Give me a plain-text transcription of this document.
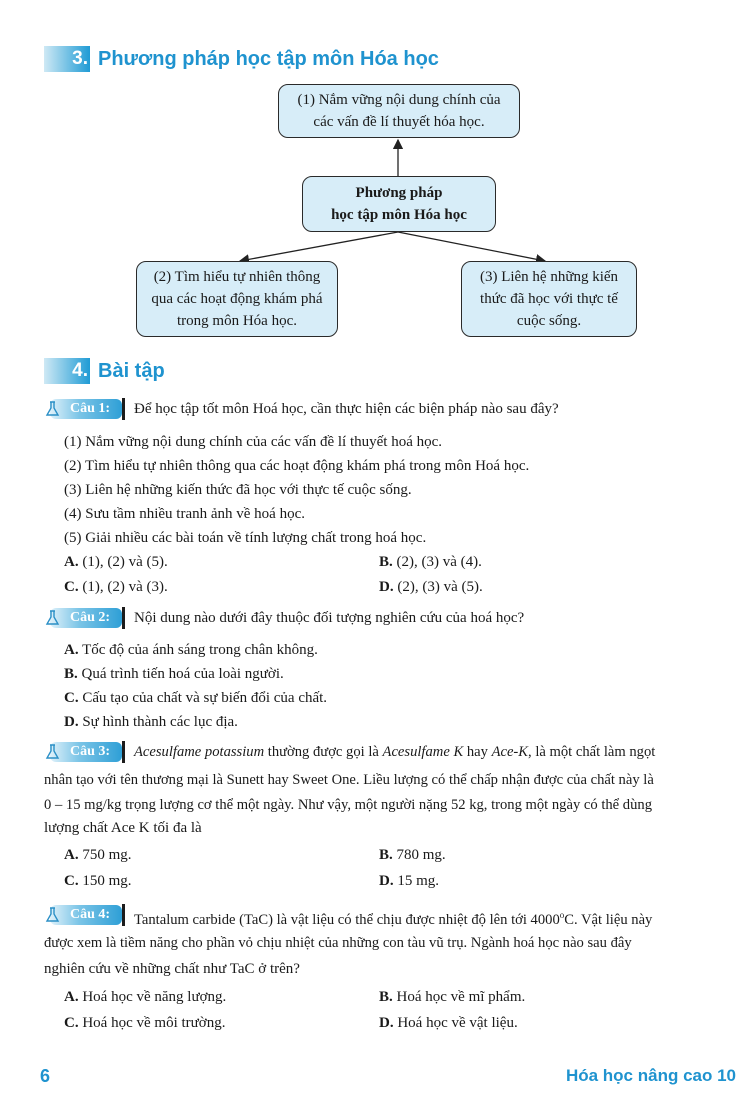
3. Phương pháp học tập môn Hóa học
(1) Nắm vững nội dung chính của
các vấn đề lí thuyết hóa học.
Phương pháp
học tập môn Hóa học
(2) Tìm hiểu tự nhiên thông
qua các hoạt động khám phá
trong môn Hóa học.
(3) Liên hệ những kiến
thức đã học với thực tế
cuộc sống.
4. Bài tập
Câu 1: Để học tập tốt môn Hoá học, cần thực hiện các biện pháp nào sau đây?
(1) Nắm vững nội dung chính của các vấn đề lí thuyết hoá học.
(2) Tìm hiểu tự nhiên thông qua các hoạt động khám phá trong môn Hoá học.
(3) Liên hệ những kiến thức đã học với thực tế cuộc sống.
(4) Sưu tầm nhiều tranh ảnh về hoá học.
(5) Giải nhiều các bài toán về tính lượng chất trong hoá học.
A. (1), (2) và (5).	B. (2), (3) và (4).
C. (1), (2) và (3).	D. (2), (3) và (5).
Câu 2: Nội dung nào dưới đây thuộc đối tượng nghiên cứu của hoá học?
A. Tốc độ của ánh sáng trong chân không.
B. Quá trình tiến hoá của loài người.
C. Cấu tạo của chất và sự biến đổi của chất.
D. Sự hình thành các lục địa.
Câu 3: Acesulfame potassium thường được gọi là Acesulfame K hay Ace-K, là một chất làm ngọt
nhân tạo với tên thương mại là Sunett hay Sweet One. Liều lượng có thể chấp nhận được của chất này là
0 – 15 mg/kg trọng lượng cơ thể một ngày. Như vậy, một người nặng 52 kg, trong một ngày có thể dùng
lượng chất Ace K tối đa là
A. 750 mg.	B. 780 mg.
C. 150 mg.	D. 15 mg.
Câu 4: Tantalum carbide (TaC) là vật liệu có thể chịu được nhiệt độ lên tới 4000$^o$C. Vật liệu này
được xem là tiềm năng cho phần vỏ chịu nhiệt của những con tàu vũ trụ. Ngành hoá học nào sau đây
nghiên cứu về những chất như TaC ở trên?
A. Hoá học về năng lượng.	B. Hoá học về mĩ phẩm.
C. Hoá học về môi trường.	D. Hoá học về vật liệu.
6	Hóa học nâng cao 10
